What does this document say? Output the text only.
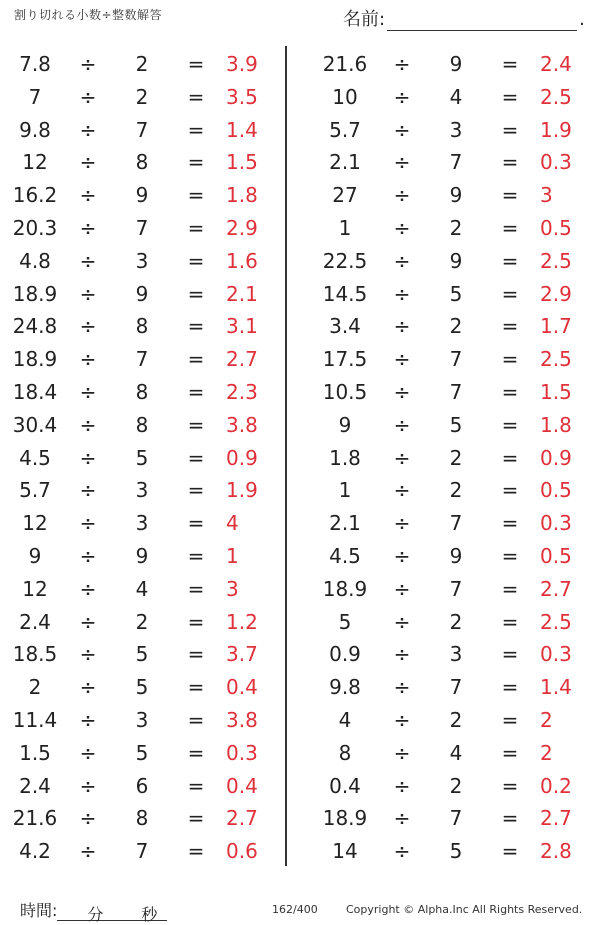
割り切れる小数÷整数解答	名前:	.
7.8	÷ 2 = 3.9
7	÷ 2 = 3.5
9.8	÷ 7 = 1.4
12	÷ 8 = 1.5
16.2 ÷ 9 = 1.8
20.3 ÷ 7 = 2.9
4.8	÷ 3 = 1.6
18.9 ÷ 9 = 2.1
24.8 ÷ 8 = 3.1
18.9 ÷ 7 = 2.7
18.4 ÷ 8 = 2.3
30.4 ÷ 8 = 3.8
4.5	÷ 5 = 0.9
5.7	÷ 3 = 1.9
12	÷ 3 = 4
9	÷ 9 = 1
12	÷ 4 = 3
2.4	÷ 2 = 1.2
18.5 ÷ 5 = 3.7
2	÷ 5 = 0.4
11.4 ÷ 3 = 3.8
1.5	÷ 5 = 0.3
2.4	÷ 6 = 0.4
21.6 ÷ 8 = 2.7
4.2	÷ 7 = 0.6
21.6 ÷ 9 = 2.4
10	÷ 4 = 2.5
5.7	÷ 3 = 1.9
2.1	÷ 7 = 0.3
27	÷ 9 = 3
1	÷ 2 = 0.5
22.5 ÷ 9 = 2.5
14.5 ÷ 5 = 2.9
3.4	÷ 2 = 1.7
17.5 ÷ 7 = 2.5
10.5 ÷ 7 = 1.5
9	÷ 5 = 1.8
1.8	÷ 2 = 0.9
1	÷ 2 = 0.5
2.1	÷ 7 = 0.3
4.5	÷ 9 = 0.5
18.9 ÷ 7 = 2.7
5	÷ 2 = 2.5
0.9	÷ 3 = 0.3
9.8	÷ 7 = 1.4
4	÷ 2 = 2
8	÷ 4 = 2
0.4	÷ 2 = 0.2
18.9 ÷ 7 = 2.7
14	÷ 5 = 2.8
時間: 分 秒	162/400	Copyright © Alpha.Inc All Rights Reserved.
